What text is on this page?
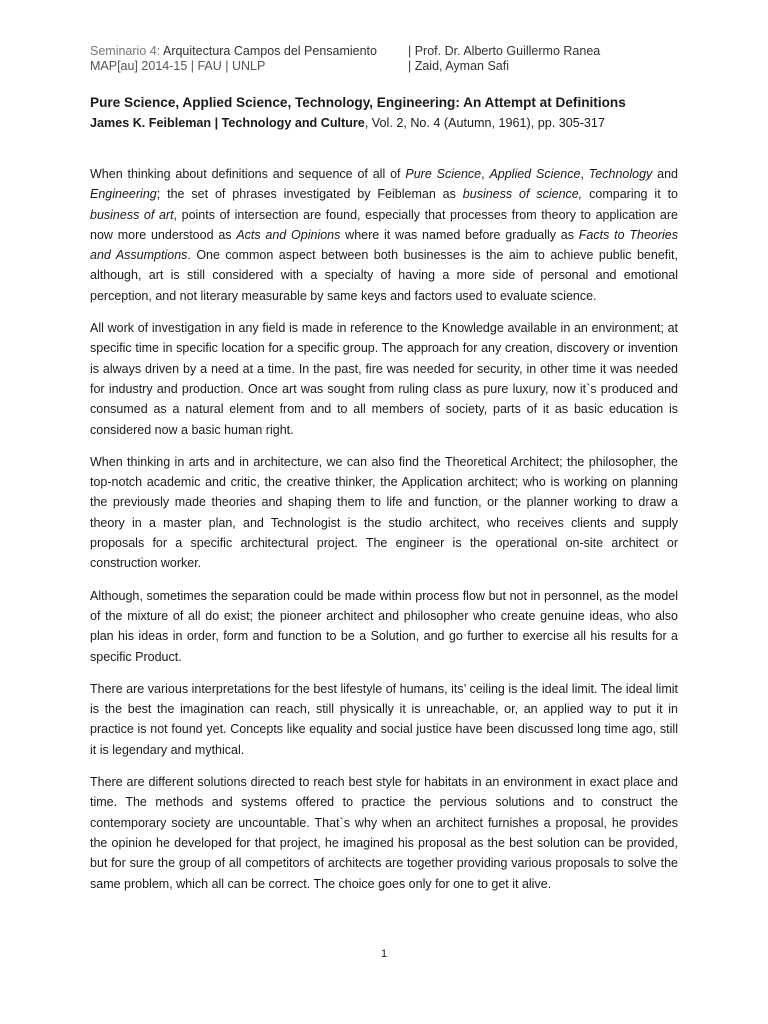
Seminario 4: Arquitectura Campos del Pensamiento	| Prof. Dr. Alberto Guillermo Ranea
MAP[au] 2014-15 | FAU | UNLP	| Zaid, Ayman Safi
Pure Science, Applied Science, Technology, Engineering: An Attempt at Definitions
James K. Feibleman | Technology and Culture, Vol. 2, No. 4 (Autumn, 1961), pp. 305-317

When thinking about definitions and sequence of all of Pure Science, Applied Science, Technology and Engineering; the set of phrases investigated by Feibleman as business of science, comparing it to business of art, points of intersection are found, especially that processes from theory to application are now more understood as Acts and Opinions where it was named before gradually as Facts to Theories and Assumptions. One common aspect between both businesses is the aim to achieve public benefit, although, art is still considered with a specialty of having a more side of personal and emotional perception, and not literary measurable by same keys and factors used to evaluate science.

All work of investigation in any field is made in reference to the Knowledge available in an environment; at specific time in specific location for a specific group. The approach for any creation, discovery or invention is always driven by a need at a time. In the past, fire was needed for security, in other time it was needed for industry and production. Once art was sought from ruling class as pure luxury, now it`s produced and consumed as a natural element from and to all members of society, parts of it as basic education is considered now a basic human right.

When thinking in arts and in architecture, we can also find the Theoretical Architect; the philosopher, the top-notch academic and critic, the creative thinker, the Application architect; who is working on planning the previously made theories and shaping them to life and function, or the planner working to draw a theory in a master plan, and Technologist is the studio architect, who receives clients and supply proposals for a specific architectural project. The engineer is the operational on-site architect or construction worker.

Although, sometimes the separation could be made within process flow but not in personnel, as the model of the mixture of all do exist; the pioneer architect and philosopher who create genuine ideas, who also plan his ideas in order, form and function to be a Solution, and go further to exercise all his results for a specific Product.

There are various interpretations for the best lifestyle of humans, its’ ceiling is the ideal limit. The ideal limit is the best the imagination can reach, still physically it is unreachable, or, an applied way to put it in practice is not found yet. Concepts like equality and social justice have been discussed long time ago, still it is legendary and mythical.

There are different solutions directed to reach best style for habitats in an environment in exact place and time. The methods and systems offered to practice the pervious solutions and to construct the contemporary society are uncountable. That`s why when an architect furnishes a proposal, he provides the opinion he developed for that project, he imagined his proposal as the best solution can be provided, but for sure the group of all competitors of architects are together providing various proposals to solve the same problem, which all can be correct. The choice goes only for one to get it alive.

1
